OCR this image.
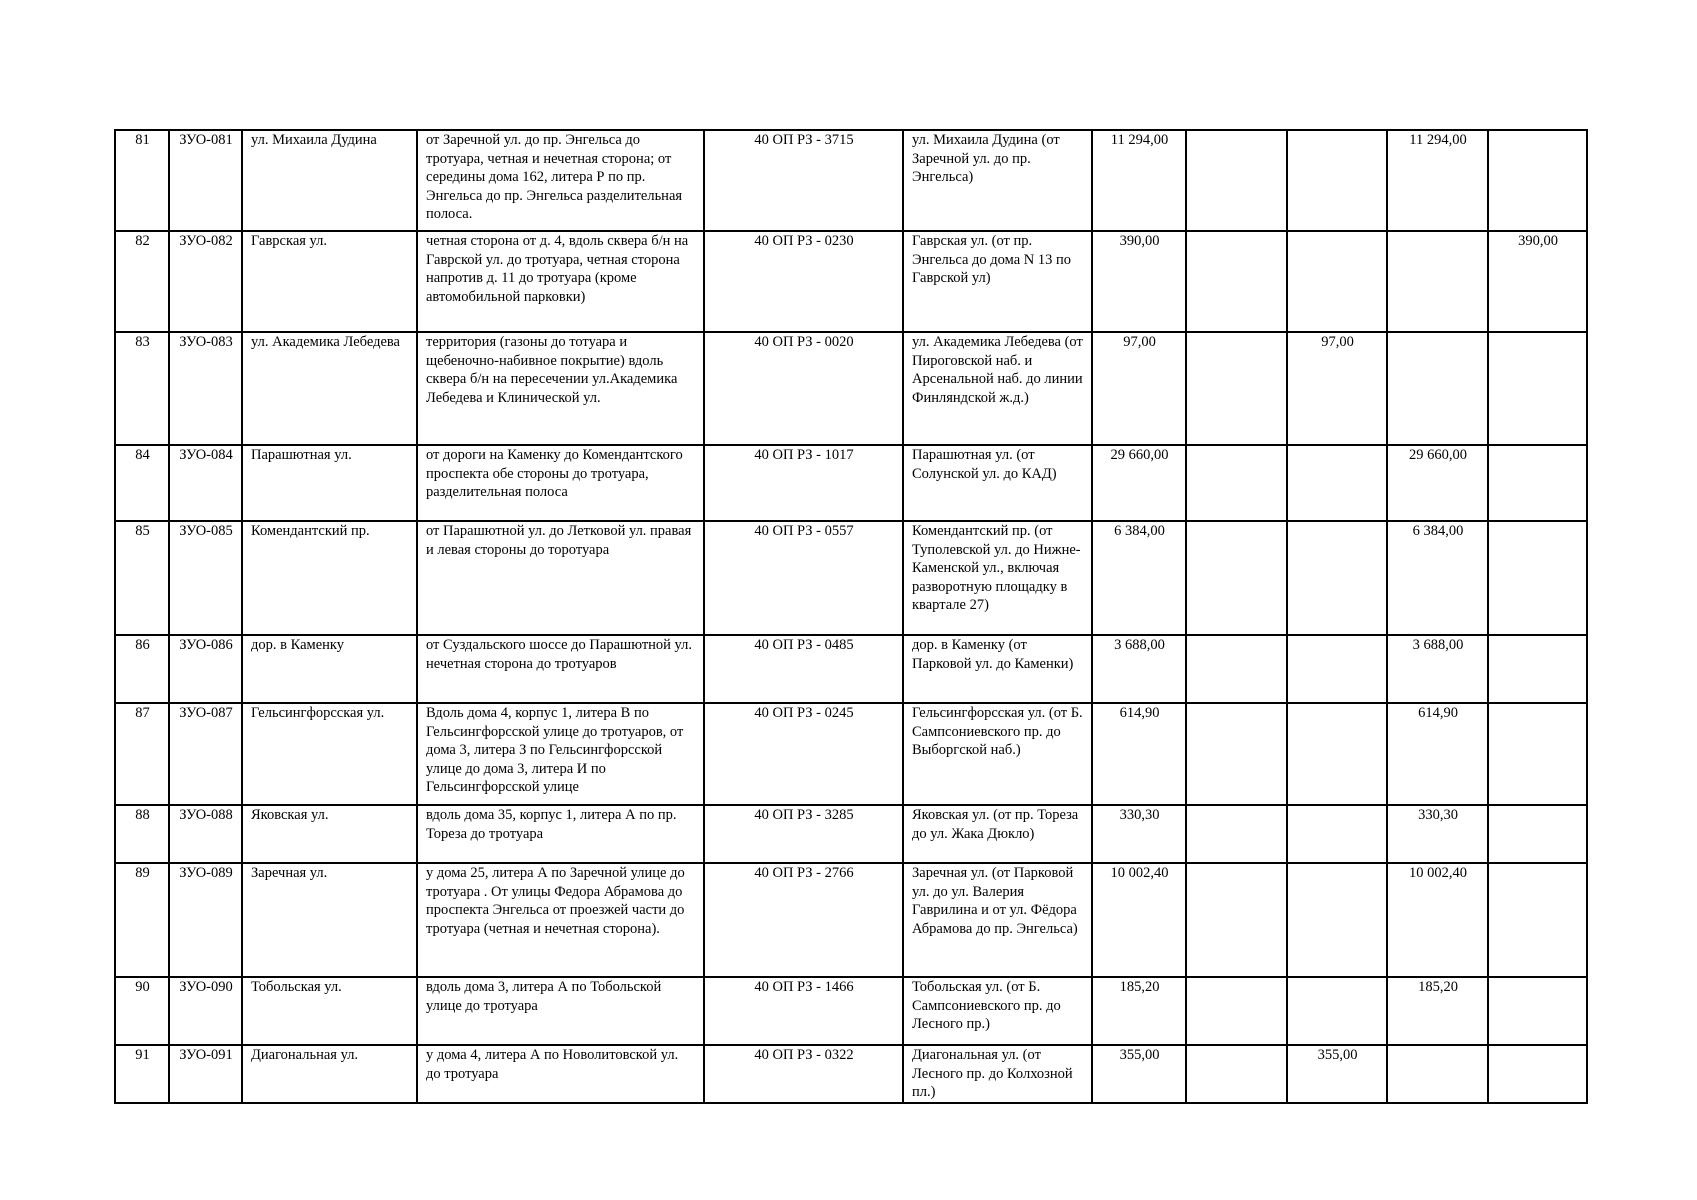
81	ЗУО-081	ул. Михаила Дудина	от Заречной ул. до пр. Энгельса до тротуара, четная и нечетная сторона; от середины дома 162, литера Р по пр. Энгельса до пр. Энгельса разделительная полоса.	40 ОП РЗ - 3715	ул. Михаила Дудина (от Заречной ул. до пр. Энгельса)	11 294,00			11 294,00	
82	ЗУО-082	Гаврская ул.	четная сторона от д. 4, вдоль сквера б/н на Гаврской ул. до тротуара, четная сторона напротив д. 11 до тротуара (кроме автомобильной парковки)	40 ОП РЗ - 0230	Гаврская ул. (от пр. Энгельса до дома N 13 по Гаврской ул)	390,00				390,00
83	ЗУО-083	ул. Академика Лебедева	территория (газоны до тотуара и щебеночно-набивное покрытие) вдоль сквера б/н на пересечении ул.Академика Лебедева и Клинической ул.	40 ОП РЗ - 0020	ул. Академика Лебедева (от Пироговской наб. и Арсенальной наб. до линии Финляндской ж.д.)	97,00		97,00		
84	ЗУО-084	Парашютная ул.	от дороги на Каменку до Комендантского проспекта обе стороны до тротуара, разделительная полоса	40 ОП РЗ - 1017	Парашютная ул. (от Солунской ул. до КАД)	29 660,00			29 660,00	
85	ЗУО-085	Комендантский пр.	от Парашютной ул. до Летковой ул. правая и левая стороны до торотуара	40 ОП РЗ - 0557	Комендантский пр. (от Туполевской ул. до Нижне-Каменской ул., включая разворотную площадку в квартале 27)	6 384,00			6 384,00	
86	ЗУО-086	дор. в Каменку	от Суздальского шоссе до Парашютной ул. нечетная сторона до тротуаров	40 ОП РЗ - 0485	дор. в Каменку (от Парковой ул. до Каменки)	3 688,00			3 688,00	
87	ЗУО-087	Гельсингфорсская ул.	Вдоль дома 4, корпус 1, литера В по Гельсингфорсской улице до тротуаров, от дома 3, литера З по Гельсингфорсской улице до дома 3, литера И по Гельсингфорсской улице	40 ОП РЗ - 0245	Гельсингфорсская ул. (от Б. Сампсониевского пр. до Выборгской наб.)	614,90			614,90	
88	ЗУО-088	Яковская ул.	вдоль дома 35, корпус 1, литера А по пр. Тореза до тротуара	40 ОП РЗ - 3285	Яковская ул. (от пр. Тореза до ул. Жака Дюкло)	330,30			330,30	
89	ЗУО-089	Заречная ул.	у дома 25, литера А по Заречной улице до тротуара . От улицы Федора Абрамова до проспекта Энгельса от проезжей части до тротуара (четная и нечетная сторона).	40 ОП РЗ - 2766	Заречная ул. (от Парковой ул. до ул. Валерия Гаврилина и от ул. Фёдора Абрамова до пр. Энгельса)	10 002,40			10 002,40	
90	ЗУО-090	Тобольская ул.	вдоль дома 3, литера А по Тобольской улице до тротуара	40 ОП РЗ - 1466	Тобольская ул. (от Б. Сампсониевского пр. до Лесного пр.)	185,20			185,20	
91	ЗУО-091	Диагональная ул.	у дома 4, литера А по Новолитовской ул. до тротуара	40 ОП РЗ - 0322	Диагональная ул. (от Лесного пр. до Колхозной пл.)	355,00		355,00		
